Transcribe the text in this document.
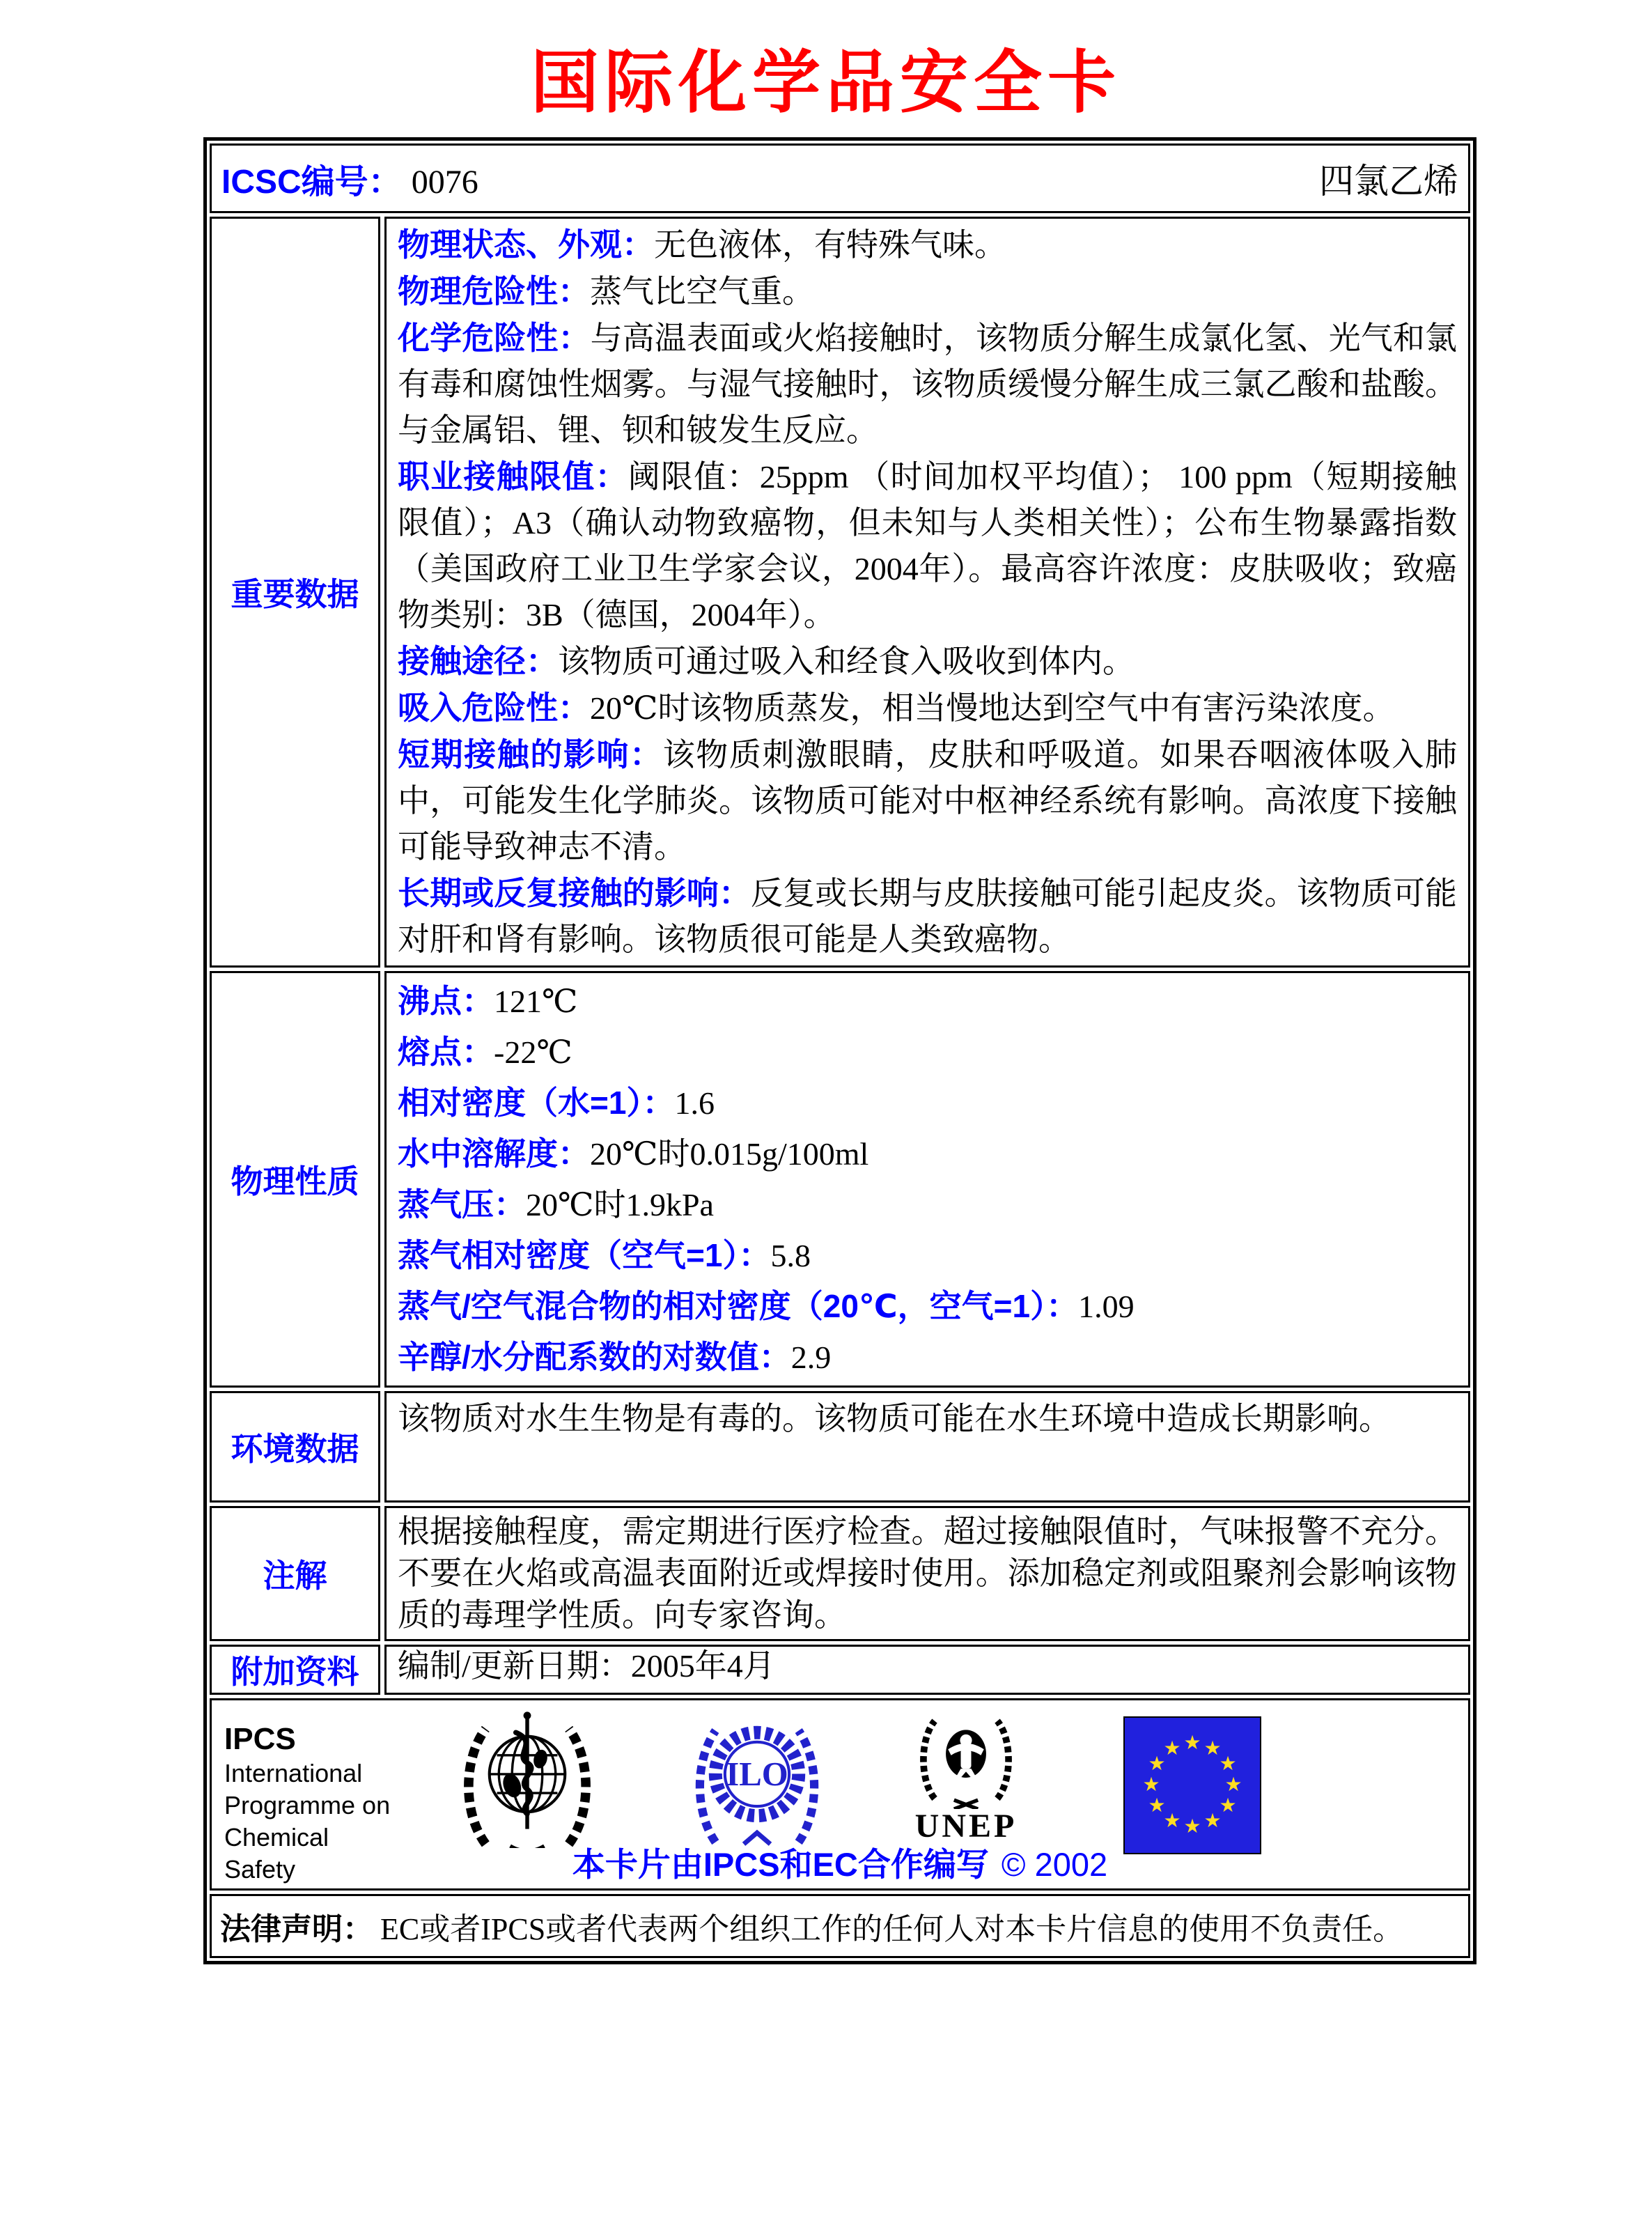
国际化学品安全卡
ICSC编号： 0076	四氯乙烯
重要数据

物理状态、外观：无色液体，有特殊气味。

物理危险性：蒸气比空气重。

化学危险性：与高温表面或火焰接触时，该物质分解生成氯化氢、光气和氯有毒和腐蚀性烟雾。与湿气接触时，该物质缓慢分解生成三氯乙酸和盐酸。与金属铝、锂、钡和铍发生反应。

职业接触限值：阈限值：25ppm （时间加权平均值）； 100 ppm（短期接触限值）；A3（确认动物致癌物，但未知与人类相关性）；公布生物暴露指数（美国政府工业卫生学家会议，2004年）。最高容许浓度：皮肤吸收；致癌物类别：3B（德国，2004年）。

接触途径：该物质可通过吸入和经食入吸收到体内。

吸入危险性：20℃时该物质蒸发，相当慢地达到空气中有害污染浓度。

短期接触的影响：该物质刺激眼睛，皮肤和呼吸道。如果吞咽液体吸入肺中，可能发生化学肺炎。该物质可能对中枢神经系统有影响。高浓度下接触可能导致神志不清。

长期或反复接触的影响：反复或长期与皮肤接触可能引起皮炎。该物质可能对肝和肾有影响。该物质很可能是人类致癌物。

物理性质

沸点：121℃

熔点：-22℃

相对密度（水=1）：1.6

水中溶解度：20℃时0.015g/100ml

蒸气压：20℃时1.9kPa

蒸气相对密度（空气=1）：5.8

蒸气/空气混合物的相对密度（20℃，空气=1）：1.09

辛醇/水分配系数的对数值：2.9

环境数据

该物质对水生生物是有毒的。该物质可能在水生环境中造成长期影响。

注解

根据接触程度，需定期进行医疗检查。超过接触限值时，气味报警不充分。不要在火焰或高温表面附近或焊接时使用。添加稳定剂或阻聚剂会影响该物质的毒理学性质。向专家咨询。

附加资料 编制/更新日期：2005年4月

IPCS
International
Programme on
Chemical Safety
ILO
UNEP
★ ★
★
★
★
★
★
★
★
★
★
★
本卡片由IPCS和EC合作编写 © 2002
法律声明： EC或者IPCS或者代表两个组织工作的任何人对本卡片信息的使用不负责任。
